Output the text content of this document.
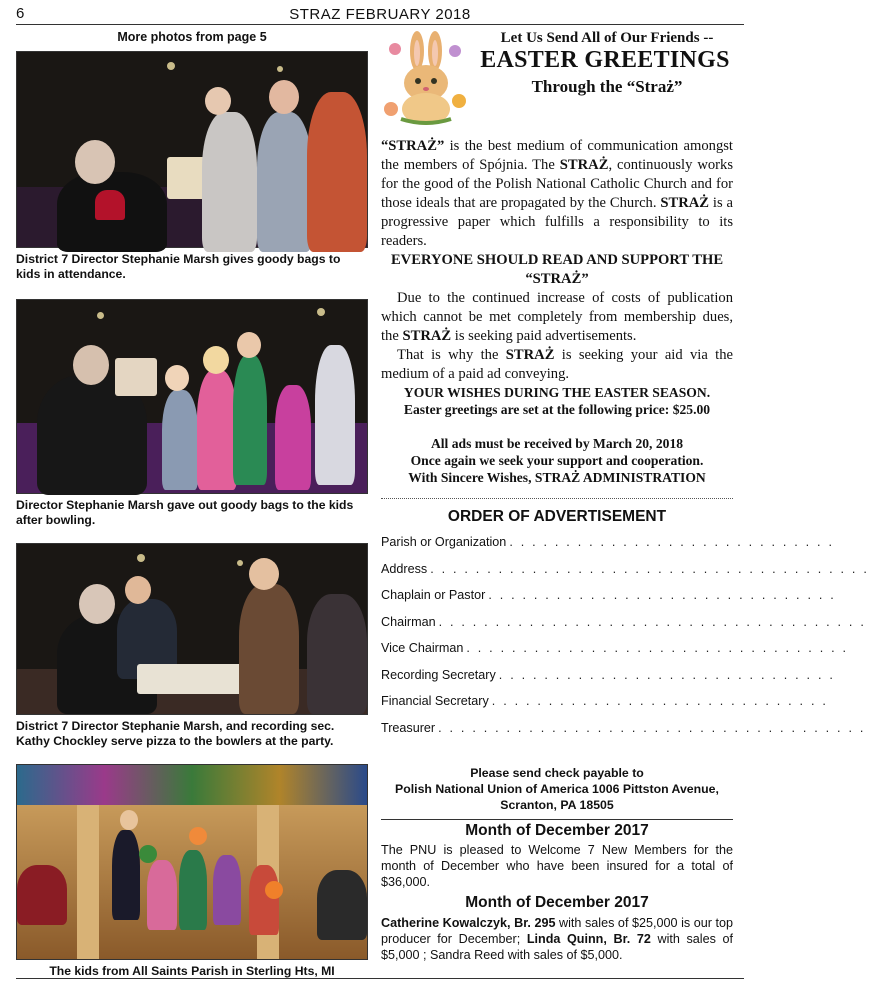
6	STRAZ FEBRUARY 2018
More photos from page 5
District 7 Director Stephanie Marsh gives goody bags to kids in attendance.
Director Stephanie Marsh gave out goody bags to the kids after bowling.
District 7 Director Stephanie Marsh, and recording sec. Kathy Chockley serve pizza to the bowlers at the party.
The kids from All Saints Parish in Sterling Hts, MI
Let Us Send All of Our Friends --
EASTER GREETINGS
Through the “Straż”

“STRAŻ” is the best medium of communication amongst the members of Spójnia. The STRAŻ, continuously works for the good of the Polish National Catholic Church and for those ideals that are propagated by the Church. STRAŻ is a progressive paper which fulfills a responsibility to its readers.

EVERYONE SHOULD READ AND SUPPORT THE “STRAŻ”

Due to the continued increase of costs of publication which cannot be met completely from membership dues, the STRAŻ is seeking paid advertisements.

That is why the STRAŻ is seeking your aid via the medium of a paid ad conveying.

YOUR WISHES DURING THE EASTER SEASON.

Easter greetings are set at the following price: $25.00

All ads must be received by March 20, 2018

Once again we seek your support and cooperation.

With Sincere Wishes, STRAŻ ADMINISTRATION

ORDER OF ADVERTISEMENT
Parish or Organization . . . . . . . . . . . . . . . . . . . . . . . . . . . . .
Address . . . . . . . . . . . . . . . . . . . . . . . . . . . . . . . . . . . . . . .
Chaplain or Pastor . . . . . . . . . . . . . . . . . . . . . . . . . . . . . . .
Chairman . . . . . . . . . . . . . . . . . . . . . . . . . . . . . . . . . . . . . .
Vice Chairman . . . . . . . . . . . . . . . . . . . . . . . . . . . . . . . . . .
Recording Secretary . . . . . . . . . . . . . . . . . . . . . . . . . . . . . .
Financial Secretary . . . . . . . . . . . . . . . . . . . . . . . . . . . . . .
Treasurer . . . . . . . . . . . . . . . . . . . . . . . . . . . . . . . . . . . . . .
Please send check payable to
Polish National Union of America 1006 Pittston Avenue,
Scranton, PA 18505
Month of December 2017
The PNU is pleased to Welcome 7 New Members for the month of December who have been insured for a total of $36,000.
Month of December 2017
Catherine Kowalczyk, Br. 295 with sales of $25,000 is our top producer for December; Linda Quinn, Br. 72 with sales of $5,000 ; Sandra Reed with sales of $5,000.
